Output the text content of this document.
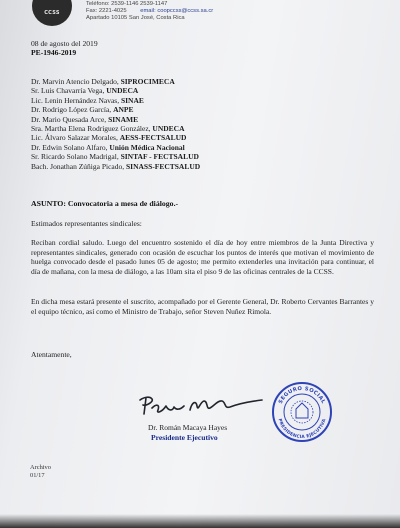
CCSS
Teléfono: 2539-1146 2539-1147
Fax: 2221-4025 email: coopccss@ccss.sa.cr
Apartado 10105 San José, Costa Rica
08 de agosto del 2019
PE-1946-2019
Dr. Marvin Atencio Delgado, SIPROCIMECA
Sr. Luis Chavarría Vega, UNDECA
Lic. Lenin Hernández Navas, SINAE
Dr. Rodrigo López García, ANPE
Dr. Mario Quesada Arce, SINAME
Sra. Martha Elena Rodríguez González, UNDECA
Lic. Álvaro Salazar Morales, AESS-FECTSALUD
Dr. Edwin Solano Alfaro, Unión Médica Nacional
Sr. Ricardo Solano Madrigal, SINTAF - FECTSALUD
Bach. Jonathan Zúñiga Picado, SINASS-FECTSALUD
ASUNTO: Convocatoria a mesa de diálogo.-
Estimados representantes sindicales:

Reciban cordial saludo. Luego del encuentro sostenido el día de hoy entre miembros de la Junta Directiva y representantes sindicales, generado con ocasión de escuchar los puntos de interés que motivan el movimiento de huelga convocado desde el pasado lunes 05 de agosto; me permito extenderles una invitación para continuar, el día de mañana, con la mesa de diálogo, a las 10am sita el piso 9 de las oficinas centrales de la CCSS.

En dicha mesa estará presente el suscrito, acompañado por el Gerente General, Dr. Roberto Cervantes Barrantes y el equipo técnico, así como el Ministro de Trabajo, señor Steven Nuñez Rimola.

Atentamente,
Dr. Román Macaya Hayes
Presidente Ejecutivo
SEGURO SOCIAL
PRESIDENCIA EJECUTIVA
Archivo
01/17
